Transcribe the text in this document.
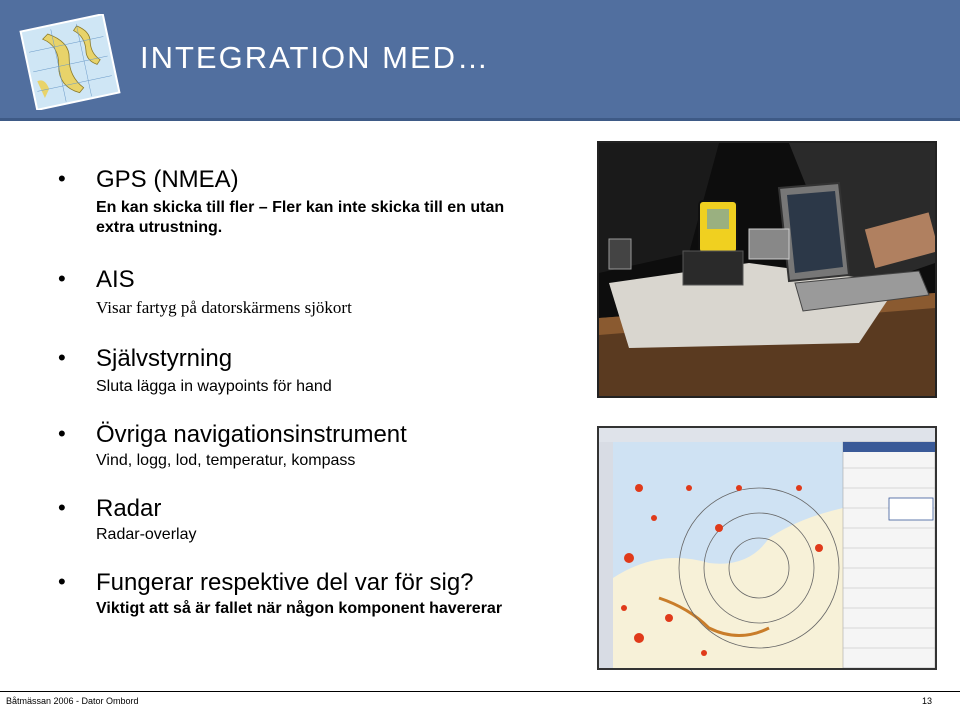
INTEGRATION MED…
• GPS (NMEA)
En kan skicka till fler – Fler kan inte skicka till en utan extra utrustning.
• AIS
Visar fartyg på datorskärmens sjökort
• Självstyrning
Sluta lägga in waypoints för hand
• Övriga navigationsinstrument
Vind, logg, lod, temperatur, kompass
• Radar
Radar-overlay
• Fungerar respektive del var för sig?
Viktigt att så är fallet när någon komponent havererar
Båtmässan 2006 - Dator Ombord	13
